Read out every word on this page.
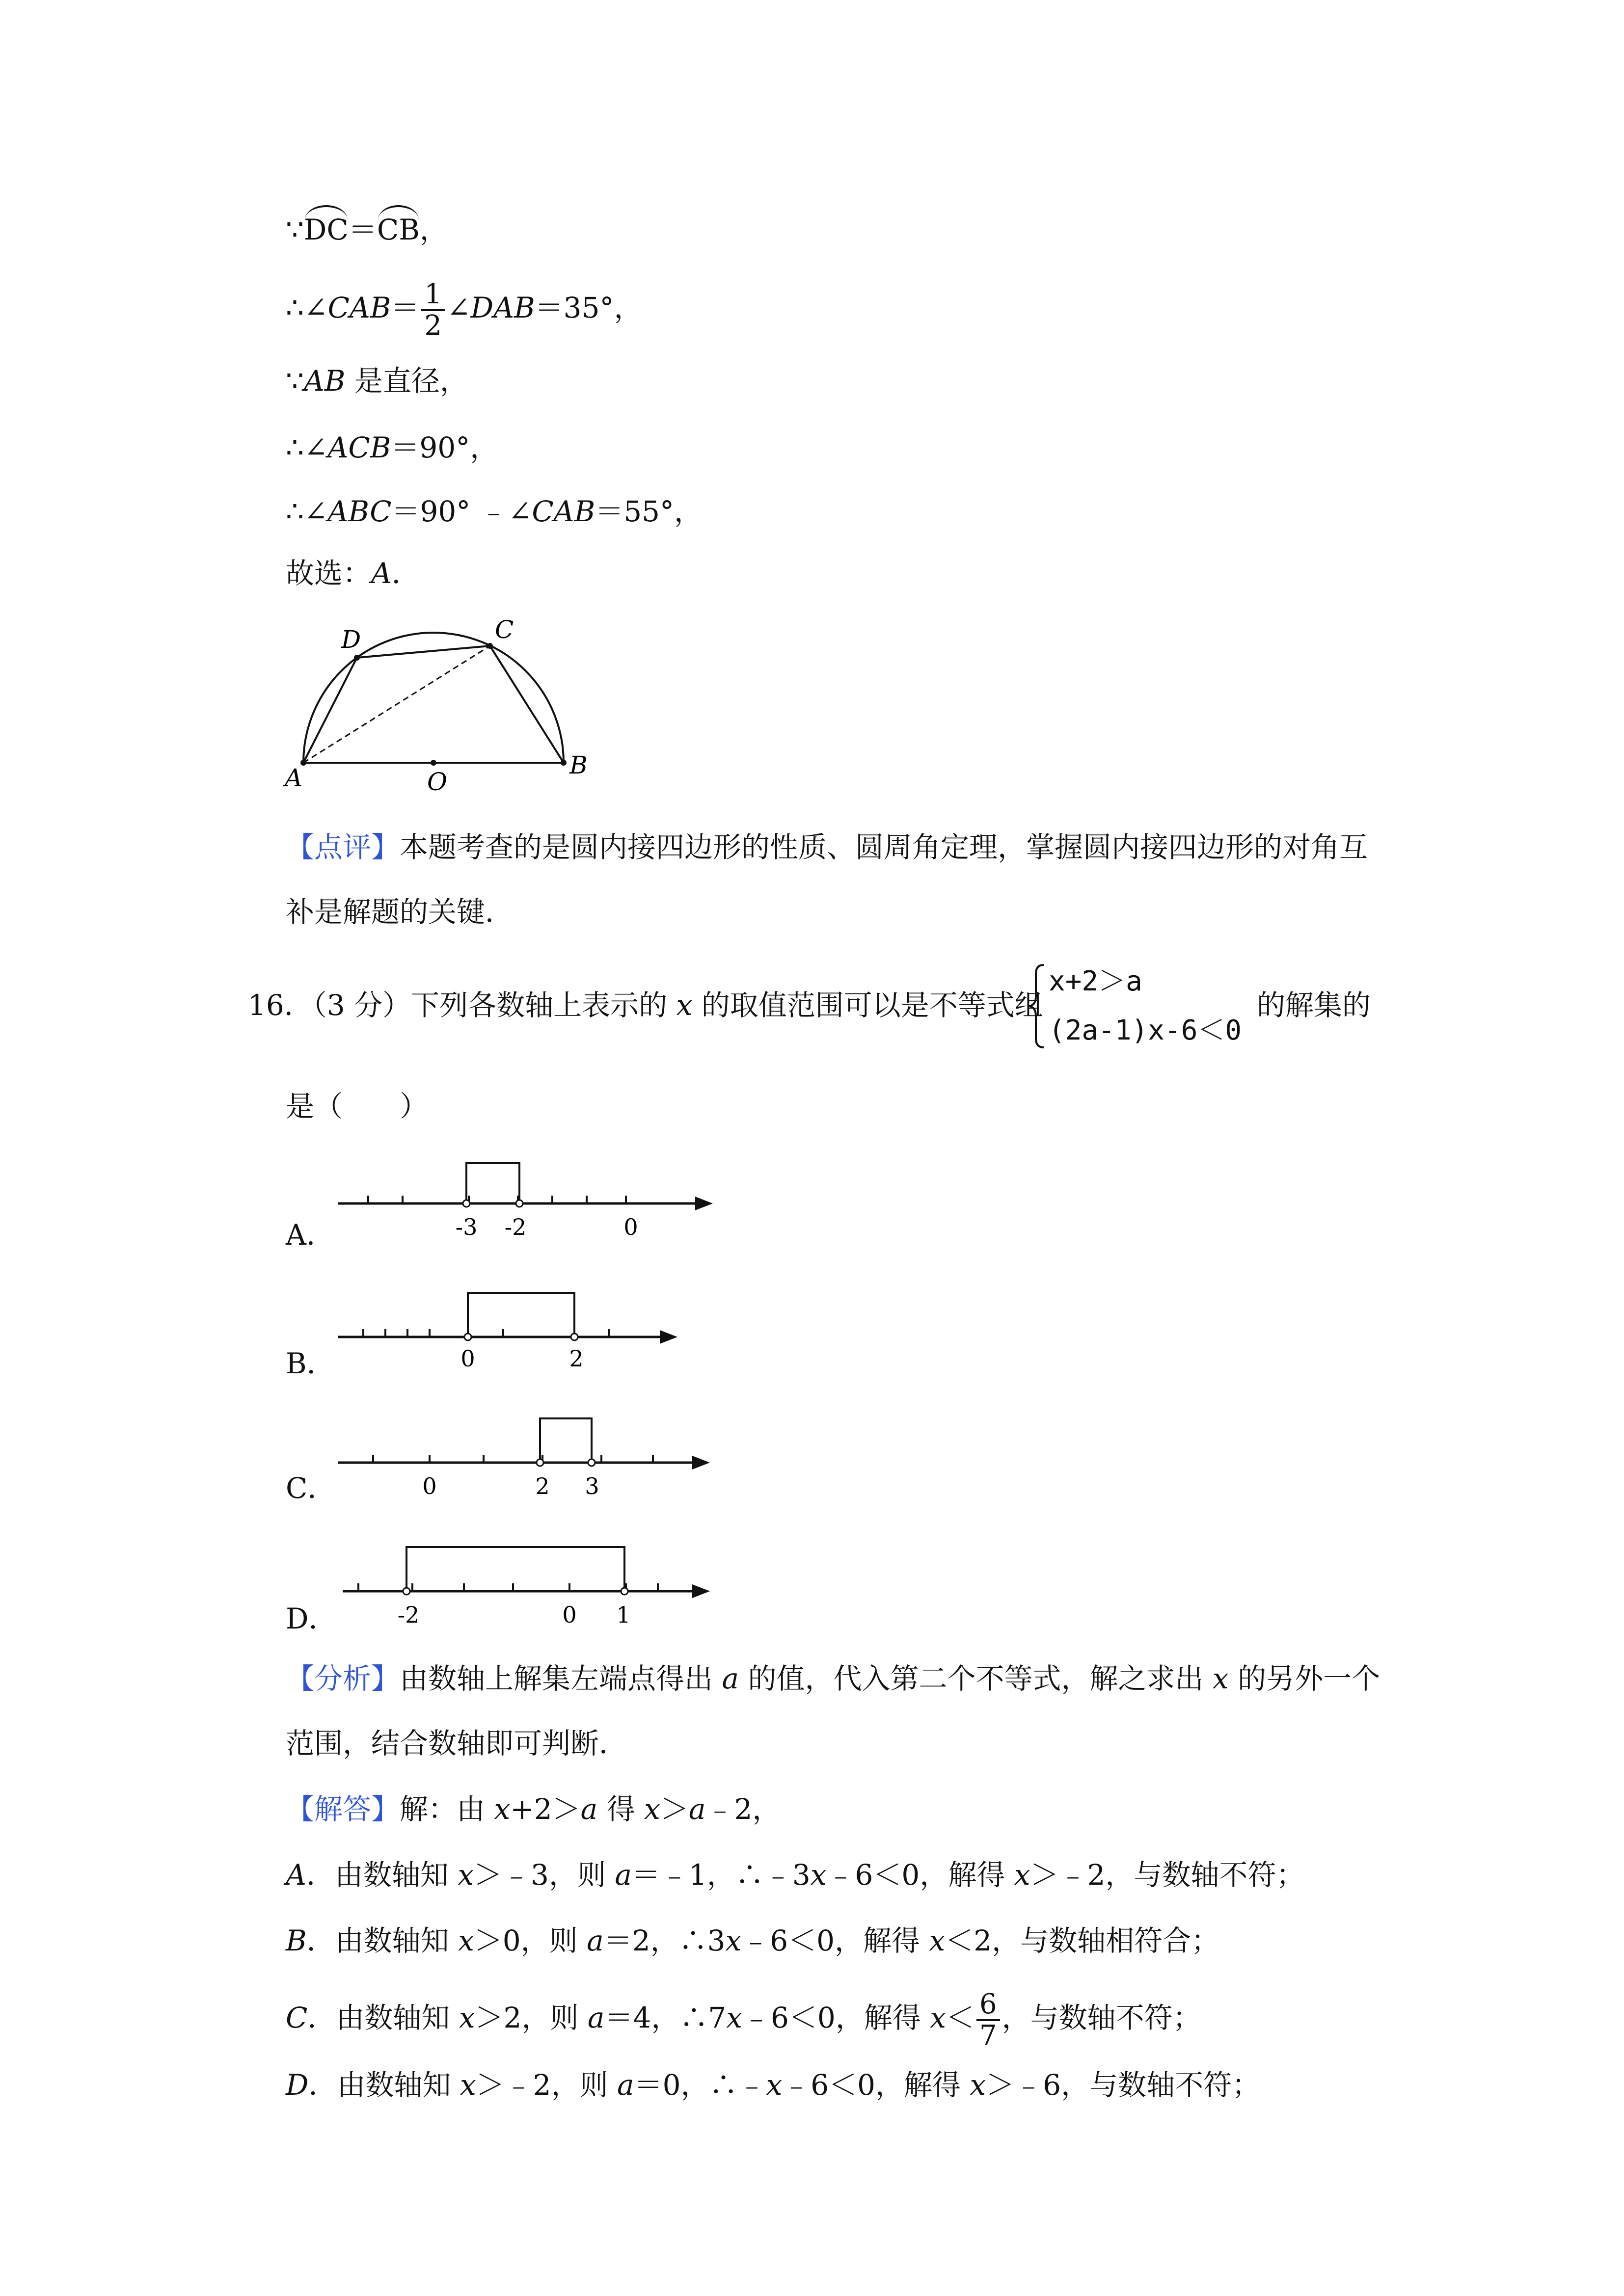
∵DC＝CB，
∴∠CAB＝ $\frac{1}{2}$ ∠DAB＝35°，
∵AB 是直径，
∴∠ACB＝90°，
∴∠ABC＝90° ﹣∠CAB＝55°，
故选：A．
D	C
A	O
B
【点评】本题考查的是圆内接四边形的性质、圆周角定理，掌握圆内接四边形的对角互
补是解题的关键．
16．（3 分）下列各数轴上表示的 x 的取值范围可以是不等式组
x+2＞a
(2a-1)x-6＜0
的解集的
是（　　）
A．	-3 -2	0
B．	0	2
C．	0	2 3
D．	-2	0 1
【分析】由数轴上解集左端点得出 a 的值，代入第二个不等式，解之求出 x 的另外一个
范围，结合数轴即可判断．
【解答】解：由 x+2＞a 得 x＞a﹣2，
A．由数轴知 x＞﹣3，则 a＝﹣1，∴﹣3x﹣6＜0，解得 x＞﹣2，与数轴不符；
B．由数轴知 x＞0，则 a＝2，∴3x﹣6＜0，解得 x＜2，与数轴相符合；
C．由数轴知 x＞2，则 a＝4，∴7x﹣6＜0，解得 $x< \frac{6}{7}$ ，与数轴不符；
D．由数轴知 x＞﹣2，则 a＝0，∴﹣x﹣6＜0，解得 x＞﹣6，与数轴不符；
